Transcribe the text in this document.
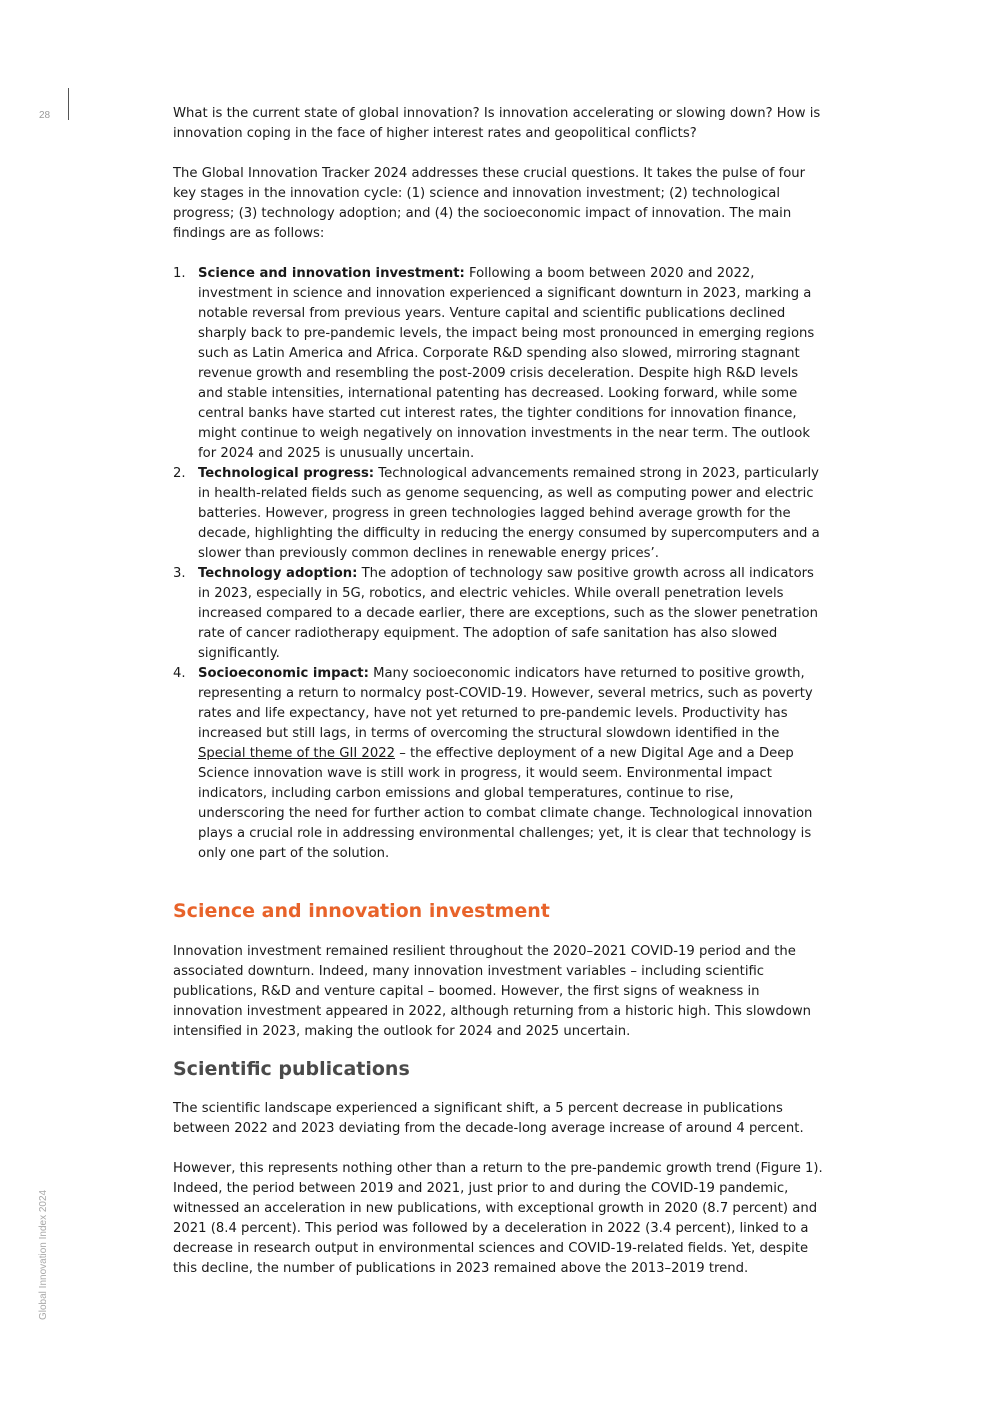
28
Global Innovation Index 2024

What is the current state of global innovation? Is innovation accelerating or slowing down? How is innovation coping in the face of higher interest rates and geopolitical conflicts?

The Global Innovation Tracker 2024 addresses these crucial questions. It takes the pulse of four key stages in the innovation cycle: (1) science and innovation investment; (2) technological progress; (3) technology adoption; and (4) the socioeconomic impact of innovation. The main findings are as follows:

1. Science and innovation investment: Following a boom between 2020 and 2022, investment in science and innovation experienced a significant downturn in 2023, marking a notable reversal from previous years. Venture capital and scientific publications declined sharply back to pre-pandemic levels, the impact being most pronounced in emerging regions such as Latin America and Africa. Corporate R&D spending also slowed, mirroring stagnant revenue growth and resembling the post-2009 crisis deceleration. Despite high R&D levels and stable intensities, international patenting has decreased. Looking forward, while some central banks have started cut interest rates, the tighter conditions for innovation finance, might continue to weigh negatively on innovation investments in the near term. The outlook for 2024 and 2025 is unusually uncertain.
2. Technological progress: Technological advancements remained strong in 2023, particularly in health-related fields such as genome sequencing, as well as computing power and electric batteries. However, progress in green technologies lagged behind average growth for the decade, highlighting the difficulty in reducing the energy consumed by supercomputers and a slower than previously common declines in renewable energy prices’.
3. Technology adoption: The adoption of technology saw positive growth across all indicators in 2023, especially in 5G, robotics, and electric vehicles. While overall penetration levels increased compared to a decade earlier, there are exceptions, such as the slower penetration rate of cancer radiotherapy equipment. The adoption of safe sanitation has also slowed significantly.
4. Socioeconomic impact: Many socioeconomic indicators have returned to positive growth, representing a return to normalcy post-COVID-19. However, several metrics, such as poverty rates and life expectancy, have not yet returned to pre-pandemic levels. Productivity has increased but still lags, in terms of overcoming the structural slowdown identified in the Special theme of the GII 2022 – the effective deployment of a new Digital Age and a Deep Science innovation wave is still work in progress, it would seem. Environmental impact indicators, including carbon emissions and global temperatures, continue to rise, underscoring the need for further action to combat climate change. Technological innovation plays a crucial role in addressing environmental challenges; yet, it is clear that technology is only one part of the solution.
Science and innovation investment

Innovation investment remained resilient throughout the 2020–2021 COVID-19 period and the associated downturn. Indeed, many innovation investment variables – including scientific publications, R&D and venture capital – boomed. However, the first signs of weakness in innovation investment appeared in 2022, although returning from a historic high. This slowdown intensified in 2023, making the outlook for 2024 and 2025 uncertain.

Scientific publications

The scientific landscape experienced a significant shift, a 5 percent decrease in publications between 2022 and 2023 deviating from the decade-long average increase of around 4 percent.

However, this represents nothing other than a return to the pre-pandemic growth trend (Figure 1). Indeed, the period between 2019 and 2021, just prior to and during the COVID-19 pandemic, witnessed an acceleration in new publications, with exceptional growth in 2020 (8.7 percent) and 2021 (8.4 percent). This period was followed by a deceleration in 2022 (3.4 percent), linked to a decrease in research output in environmental sciences and COVID-19-related fields. Yet, despite this decline, the number of publications in 2023 remained above the 2013–2019 trend.
